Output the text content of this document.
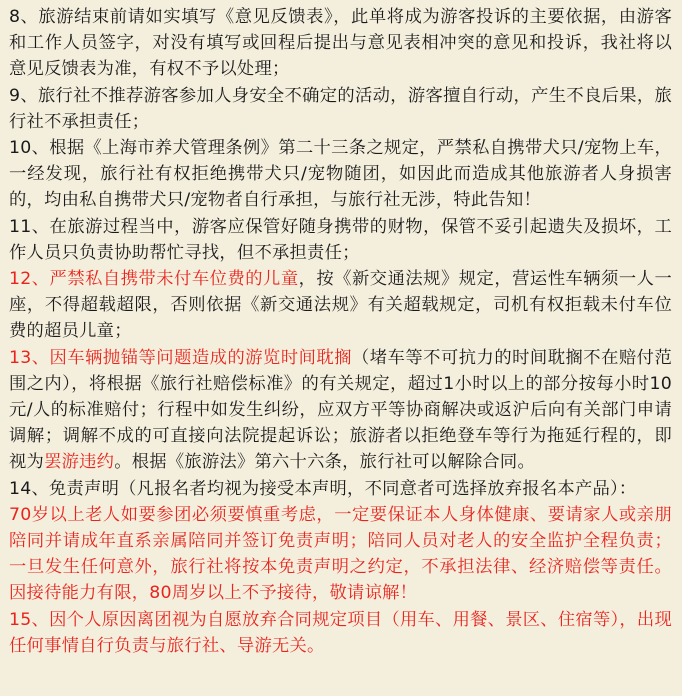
8、旅游结束前请如实填写《意见反馈表》，此单将成为游客投诉的主要依据，由游客和工作人员签字，对没有填写或回程后提出与意见表相冲突的意见和投诉，我社将以意见反馈表为准，有权不予以处理；

9、旅行社不推荐游客参加人身安全不确定的活动，游客擅自行动，产生不良后果，旅行社不承担责任；

10、根据《上海市养犬管理条例》第二十三条之规定，严禁私自携带犬只/宠物上车，一经发现，旅行社有权拒绝携带犬只/宠物随团，如因此而造成其他旅游者人身损害的，均由私自携带犬只/宠物者自行承担，与旅行社无涉，特此告知！

11、在旅游过程当中，游客应保管好随身携带的财物，保管不妥引起遗失及损坏，工作人员只负责协助帮忙寻找，但不承担责任；

12、严禁私自携带未付车位费的儿童，按《新交通法规》规定，营运性车辆须一人一座，不得超载超限，否则依据《新交通法规》有关超载规定，司机有权拒载未付车位费的超员儿童；

13、因车辆抛锚等问题造成的游览时间耽搁（堵车等不可抗力的时间耽搁不在赔付范围之内），将根据《旅行社赔偿标准》的有关规定，超过1小时以上的部分按每小时10元/人的标准赔付；行程中如发生纠纷，应双方平等协商解决或返沪后向有关部门申请调解；调解不成的可直接向法院提起诉讼；旅游者以拒绝登车等行为拖延行程的，即视为罢游违约。根据《旅游法》第六十六条，旅行社可以解除合同。

14、免责声明（凡报名者均视为接受本声明，不同意者可选择放弃报名本产品）：

70岁以上老人如要参团必须要慎重考虑，一定要保证本人身体健康、要请家人或亲朋陪同并请成年直系亲属陪同并签订免责声明；陪同人员对老人的安全监护全程负责；一旦发生任何意外，旅行社将按本免责声明之约定，不承担法律、经济赔偿等责任。因接待能力有限，80周岁以上不予接待，敬请谅解！

15、因个人原因离团视为自愿放弃合同规定项目（用车、用餐、景区、住宿等），出现任何事情自行负责与旅行社、导游无关。
